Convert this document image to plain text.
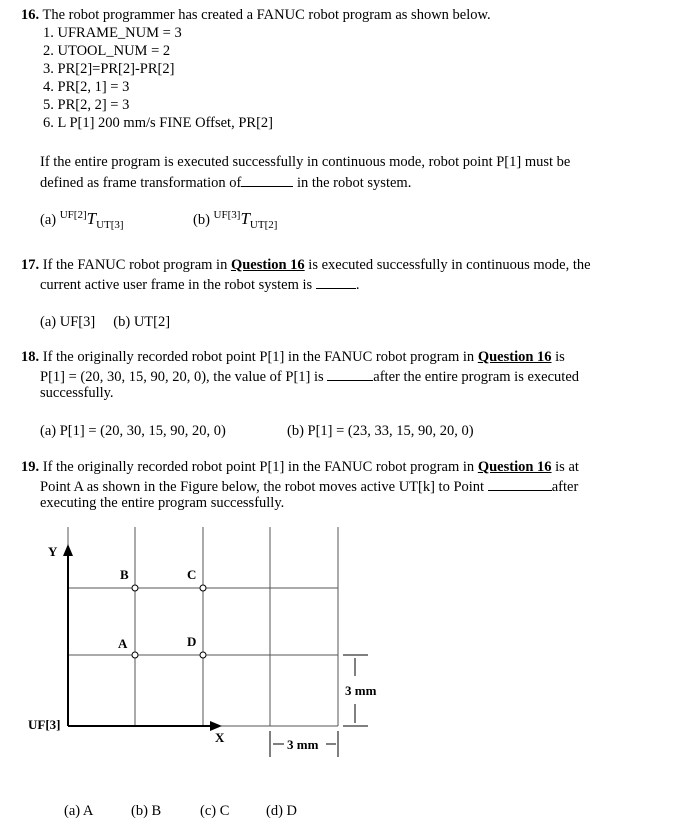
16. The robot programmer has created a FANUC robot program as shown below.
1. UFRAME_NUM = 3
2. UTOOL_NUM = 2
3. PR[2]=PR[2]-PR[2]
4. PR[2, 1] = 3
5. PR[2, 2] = 3
6. L P[1] 200 mm/s FINE Offset, PR[2]
If the entire program is executed successfully in continuous mode, robot point P[1] must be
defined as frame transformation of	in the robot system.
(a) $^{UF[2]}T_{UT[3]}$	(b) $^{UF[3]}T_{UT[2]}$
17. If the FANUC robot program in Question 16 is executed successfully in continuous mode, the
current active user frame in the robot system is	.
(a) UF[3]     (b) UT[2]
18. If the originally recorded robot point P[1] in the FANUC robot program in Question 16 is
P[1] = (20, 30, 15, 90, 20, 0), the value of P[1] is	after the entire program is executed
successfully.
(a) P[1] = (20, 30, 15, 90, 20, 0)	(b) P[1] = (23, 33, 15, 90, 20, 0)
19. If the originally recorded robot point P[1] in the FANUC robot program in Question 16 is at
Point A as shown in the Figure below, the robot moves active UT[k] to Point	after
executing the entire program successfully.
Y
X
UF[3]
B	C
A	D
3 mm
3 mm
(a) A	(b) B	(c) C	(d) D
